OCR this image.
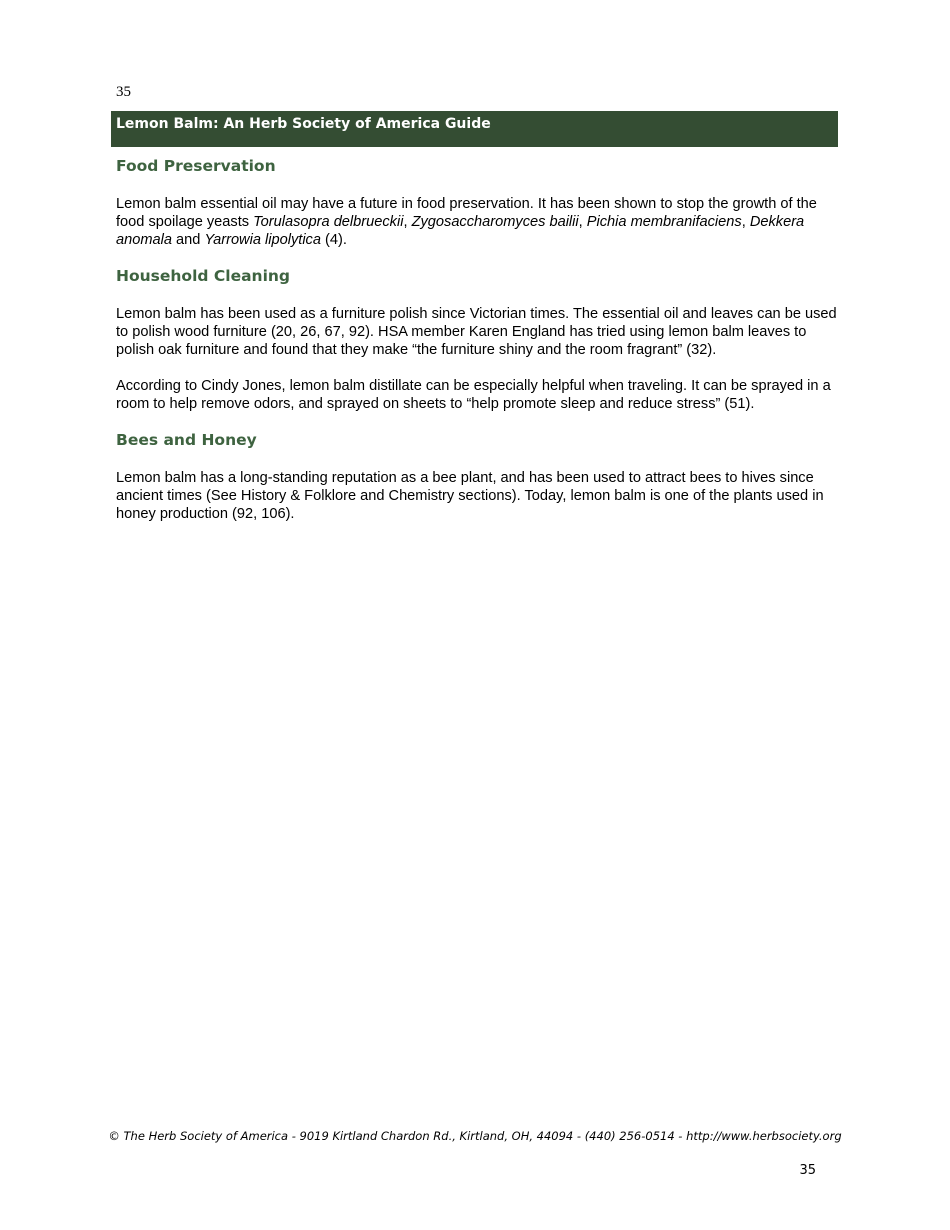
35
Lemon Balm: An Herb Society of America Guide
Food Preservation

Lemon balm essential oil may have a future in food preservation. It has been shown to stop the growth of the food spoilage yeasts Torulasopra delbrueckii, Zygosaccharomyces bailii, Pichia membranifaciens, Dekkera anomala and Yarrowia lipolytica (4).

Household Cleaning

Lemon balm has been used as a furniture polish since Victorian times. The essential oil and leaves can be used to polish wood furniture (20, 26, 67, 92). HSA member Karen England has tried using lemon balm leaves to polish oak furniture and found that they make “the furniture shiny and the room fragrant” (32).

According to Cindy Jones, lemon balm distillate can be especially helpful when traveling. It can be sprayed in a room to help remove odors, and sprayed on sheets to “help promote sleep and reduce stress” (51).

Bees and Honey

Lemon balm has a long-standing reputation as a bee plant, and has been used to attract bees to hives since ancient times (See History & Folklore and Chemistry sections). Today, lemon balm is one of the plants used in honey production (92, 106).

© The Herb Society of America - 9019 Kirtland Chardon Rd., Kirtland, OH, 44094 - (440) 256-0514 - http://www.herbsociety.org
35
